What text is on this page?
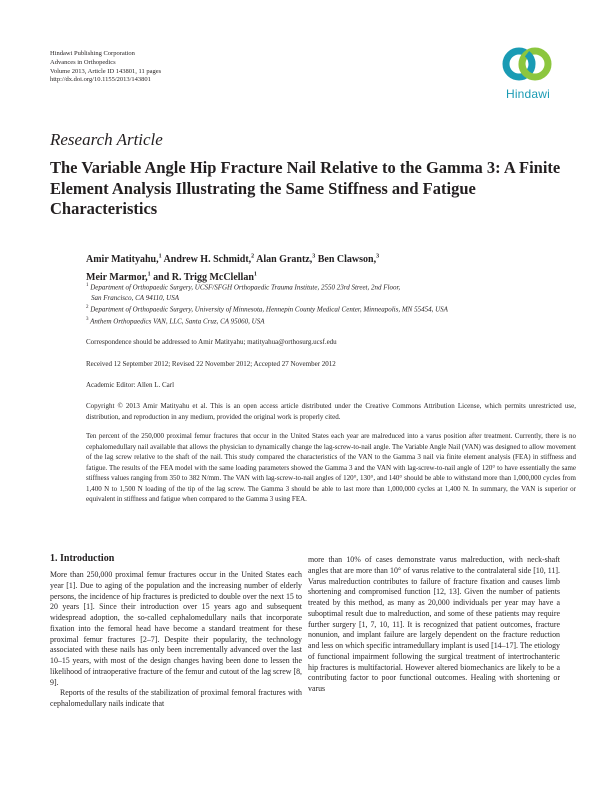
Hindawi Publishing Corporation
Advances in Orthopedics
Volume 2013, Article ID 143801, 11 pages
http://dx.doi.org/10.1155/2013/143801
Hindawi
Research Article
The Variable Angle Hip Fracture Nail Relative to the Gamma 3: A Finite Element Analysis Illustrating the Same Stiffness and Fatigue Characteristics
Amir Matityahu,$^1$ Andrew H. Schmidt,$^2$ Alan Grantz,$^3$ Ben Clawson,$^3$
Meir Marmor,$^1$ and R. Trigg McClellan$^1$
$^1$ Department of Orthopaedic Surgery, UCSF/SFGH Orthopaedic Trauma Institute, 2550 23rd Street, 2nd Floor,
San Francisco, CA 94110, USA
$^2$ Department of Orthopaedic Surgery, University of Minnesota, Hennepin County Medical Center, Minneapolis, MN 55454, USA
$^3$ Anthem Orthopaedics VAN, LLC, Santa Cruz, CA 95060, USA
Correspondence should be addressed to Amir Matityahu; matityahua@orthosurg.ucsf.edu
Received 12 September 2012; Revised 22 November 2012; Accepted 27 November 2012
Academic Editor: Allen L. Carl
Copyright © 2013 Amir Matityahu et al. This is an open access article distributed under the Creative Commons Attribution License, which permits unrestricted use, distribution, and reproduction in any medium, provided the original work is properly cited.
Ten percent of the 250,000 proximal femur fractures that occur in the United States each year are malreduced into a varus position after treatment. Currently, there is no cephalomedullary nail available that allows the physician to dynamically change the lag-screw-to-nail angle. The Variable Angle Nail (VAN) was designed to allow movement of the lag screw relative to the shaft of the nail. This study compared the characteristics of the VAN to the Gamma 3 nail via finite element analysis (FEA) in stiffness and fatigue. The results of the FEA model with the same loading parameters showed the Gamma 3 and the VAN with lag-screw-to-nail angle of 120° to have essentially the same stiffness values ranging from 350 to 382 N/mm. The VAN with lag-screw-to-nail angles of 120°, 130°, and 140° should be able to withstand more than 1,000,000 cycles from 1,400 N to 1,500 N loading of the tip of the lag screw. The Gamma 3 should be able to last more than 1,000,000 cycles at 1,400 N. In summary, the VAN is superior or equivalent in stiffness and fatigue when compared to the Gamma 3 using FEA.
1. Introduction

More than 250,000 proximal femur fractures occur in the United States each year [1]. Due to aging of the population and the increasing number of elderly persons, the incidence of hip fractures is predicted to double over the next 15 to 20 years [1]. Since their introduction over 15 years ago and subsequent widespread adoption, the so-called cephalomedullary nails that incorporate fixation into the femoral head have become a standard treatment for these proximal femur fractures [2–7]. Despite their popularity, the technology associated with these nails has only been incrementally advanced over the last 10–15 years, with most of the design changes having been done to lessen the likelihood of intraoperative fracture of the femur and cutout of the lag screw [8, 9].

Reports of the results of the stabilization of proximal femoral fractures with cephalomedullary nails indicate that

more than 10% of cases demonstrate varus malreduction, with neck-shaft angles that are more than 10° of varus relative to the contralateral side [10, 11]. Varus malreduction contributes to failure of fracture fixation and causes limb shortening and compromised function [12, 13]. Given the number of patients treated by this method, as many as 20,000 individuals per year may have a suboptimal result due to malreduction, and some of these patients may require further surgery [1, 7, 10, 11]. It is recognized that patient outcomes, fracture nonunion, and implant failure are largely dependent on the fracture reduction and less on which specific intramedullary implant is used [14–17]. The etiology of functional impairment following the surgical treatment of intertrochanteric hip fractures is multifactorial. However altered biomechanics are likely to be a contributing factor to poor functional outcomes. Healing with shortening or varus
